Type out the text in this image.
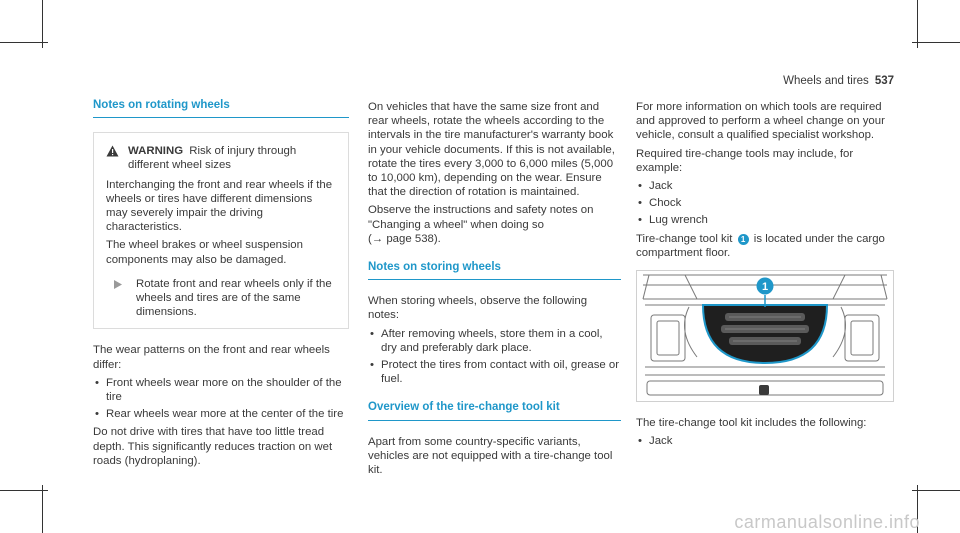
Wheels and tires 537
Notes on rotating wheels
WARNING Risk of injury through different wheel sizes

Interchanging the front and rear wheels if the wheels or tires have different dimensions may severely impair the driving characteristics.

The wheel brakes or wheel suspension components may also be damaged.

Rotate front and rear wheels only if the wheels and tires are of the same dimensions.

The wear patterns on the front and rear wheels differ:

• Front wheels wear more on the shoulder of the tire
• Rear wheels wear more at the center of the tire

Do not drive with tires that have too little tread depth. This significantly reduces traction on wet roads (hydroplaning).

On vehicles that have the same size front and rear wheels, rotate the wheels according to the intervals in the tire manufacturer's warranty book in your vehicle documents. If this is not available, rotate the tires every 3,000 to 6,000 miles (5,000 to 10,000 km), depending on the wear. Ensure that the direction of rotation is maintained.

Observe the instructions and safety notes on "Changing a wheel" when doing so
(→ page 538).

Notes on storing wheels

When storing wheels, observe the following notes:

• After removing wheels, store them in a cool, dry and preferably dark place.
• Protect the tires from contact with oil, grease or fuel.
Overview of the tire-change tool kit

Apart from some country-specific variants, vehicles are not equipped with a tire-change tool kit.

For more information on which tools are required and approved to perform a wheel change on your vehicle, consult a qualified specialist workshop.

Required tire-change tools may include, for example:

• Jack
• Chock
• Lug wrench

Tire-change tool kit 1 is located under the cargo compartment floor.

1

The tire-change tool kit includes the following:

• Jack
carmanualsonline.info
